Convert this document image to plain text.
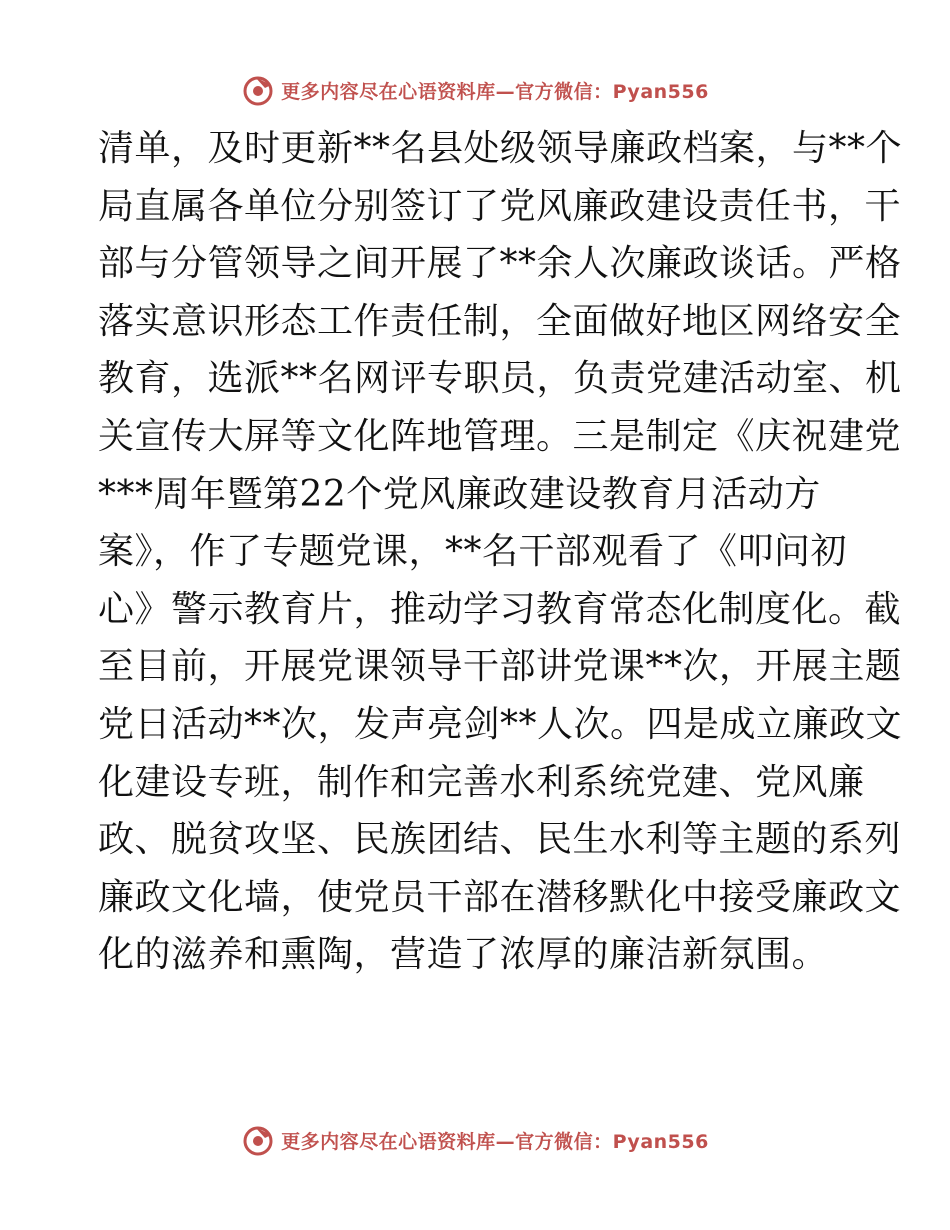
更多内容尽在心语资料库—官方微信：Pyan556
清单，及时更新**名县处级领导廉政档案，与**个
局直属各单位分别签订了党风廉政建设责任书，干
部与分管领导之间开展了**余人次廉政谈话。严格
落实意识形态工作责任制，全面做好地区网络安全
教育，选派**名网评专职员，负责党建活动室、机
关宣传大屏等文化阵地管理。三是制定《庆祝建党
***周年暨第22个党风廉政建设教育月活动方
案》，作了专题党课，**名干部观看了《叩问初
心》警示教育片，推动学习教育常态化制度化。截
至目前，开展党课领导干部讲党课**次，开展主题
党日活动**次，发声亮剑**人次。四是成立廉政文
化建设专班，制作和完善水利系统党建、党风廉
政、脱贫攻坚、民族团结、民生水利等主题的系列
廉政文化墙，使党员干部在潜移默化中接受廉政文
化的滋养和熏陶，营造了浓厚的廉洁新氛围。
更多内容尽在心语资料库—官方微信：Pyan556
